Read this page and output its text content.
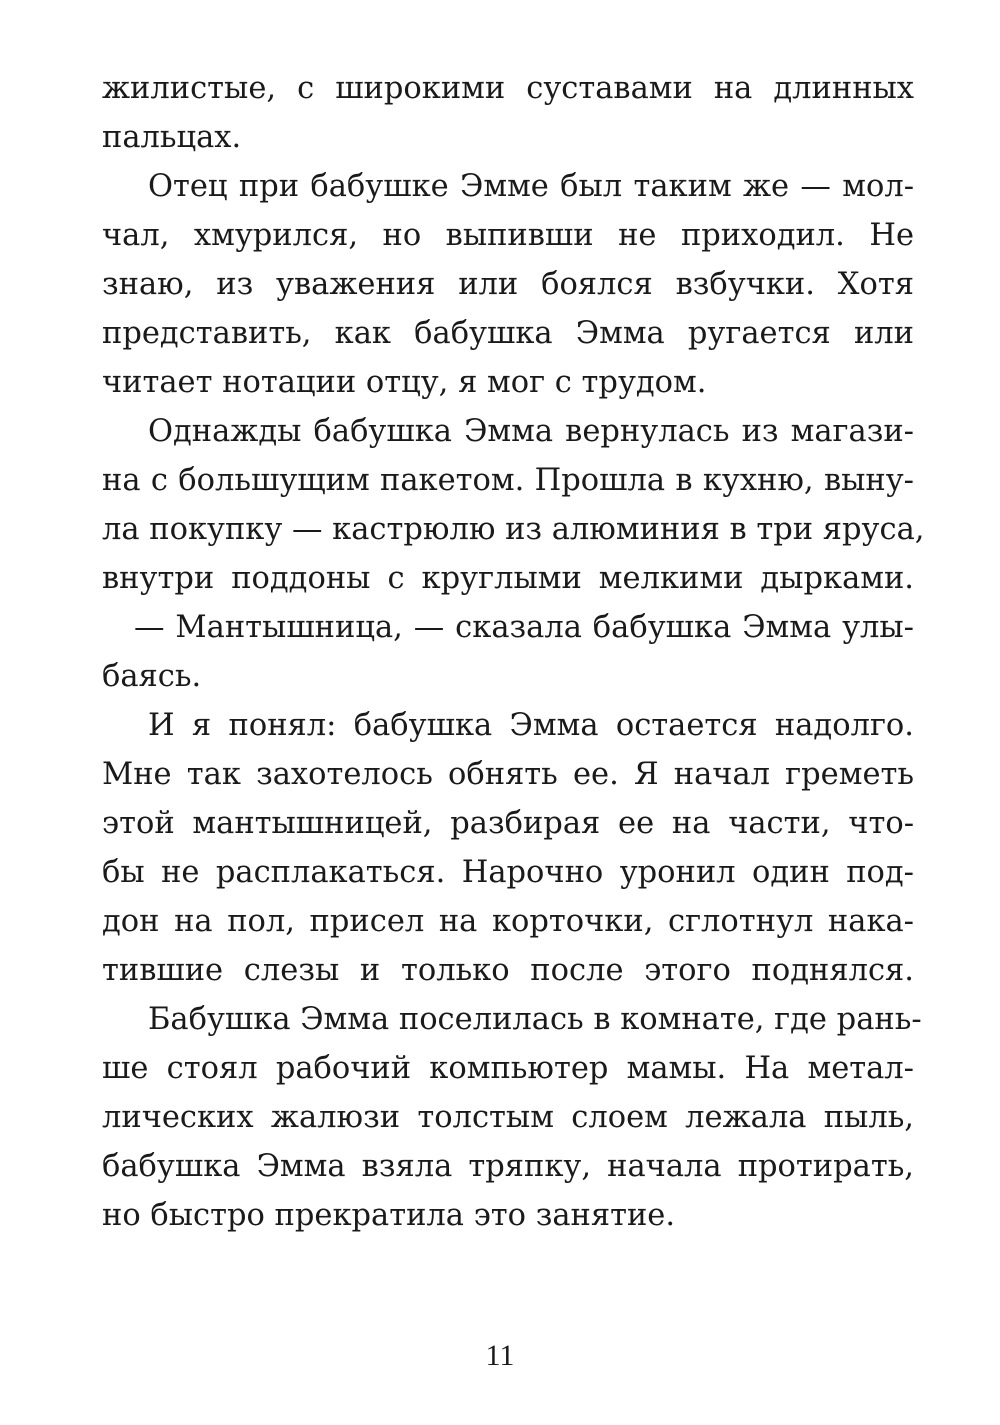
жилистые, с широкими суставами на длинных
пальцах.
Отец при бабушке Эмме был таким же — мол-
чал, хмурился, но выпивши не приходил. Не
знаю, из уважения или боялся взбучки. Хотя
представить, как бабушка Эмма ругается или
читает нотации отцу, я мог с трудом.
Однажды бабушка Эмма вернулась из магази-
на с большущим пакетом. Прошла в кухню, выну-
ла покупку — кастрюлю из алюминия в три яруса,
внутри поддоны с круглыми мелкими дырками.
— Мантышница, — сказала бабушка Эмма улы-
баясь.
И я понял: бабушка Эмма остается надолго.
Мне так захотелось обнять ее. Я начал греметь
этой мантышницей, разбирая ее на части, что-
бы не расплакаться. Нарочно уронил один под-
дон на пол, присел на корточки, сглотнул нака-
тившие слезы и только после этого поднялся.
Бабушка Эмма поселилась в комнате, где рань-
ше стоял рабочий компьютер мамы. На метал-
лических жалюзи толстым слоем лежала пыль,
бабушка Эмма взяла тряпку, начала протирать,
но быстро прекратила это занятие.
11
